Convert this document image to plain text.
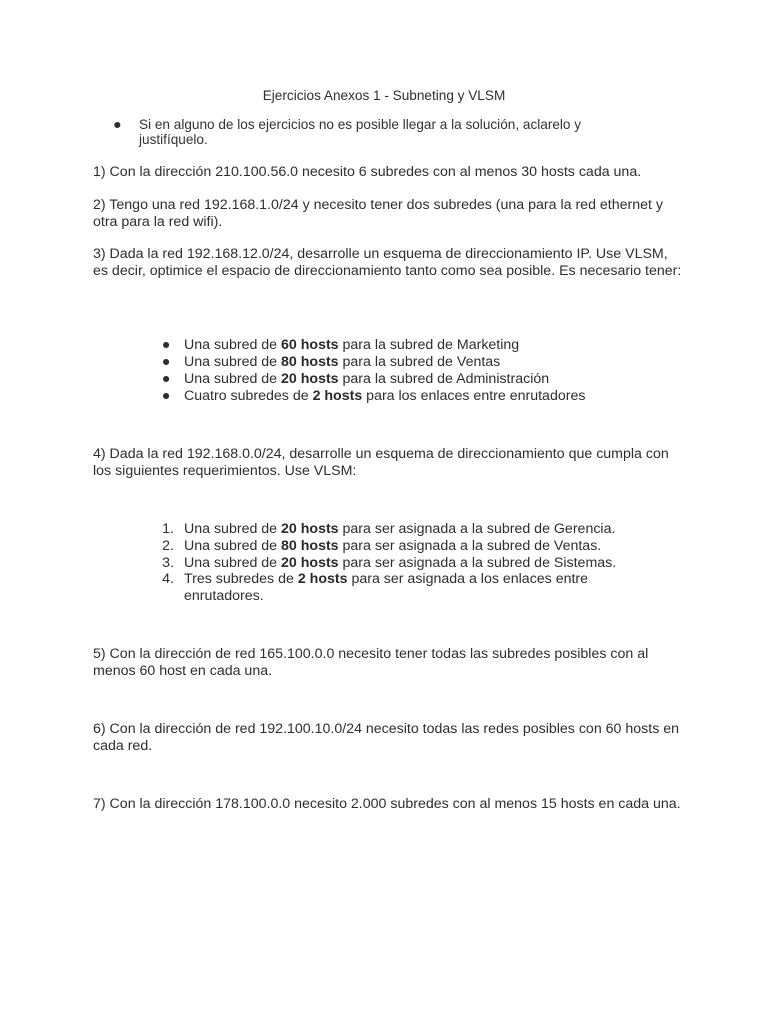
Ejercicios Anexos 1 - Subneting y VLSM
● Si en alguno de los ejercicios no es posible llegar a la solución, aclarelo y justifíquelo.
1) Con la dirección 210.100.56.0 necesito 6 subredes con al menos 30 hosts cada una.
2) Tengo una red 192.168.1.0/24 y necesito tener dos subredes (una para la red ethernet y otra para la red wifi).
3) Dada la red 192.168.12.0/24, desarrolle un esquema de direccionamiento IP. Use VLSM, es decir, optimice el espacio de direccionamiento tanto como sea posible. Es necesario tener:
● Una subred de 60 hosts para la subred de Marketing
● Una subred de 80 hosts para la subred de Ventas
● Una subred de 20 hosts para la subred de Administración
● Cuatro subredes de 2 hosts para los enlaces entre enrutadores
4) Dada la red 192.168.0.0/24, desarrolle un esquema de direccionamiento que cumpla con los siguientes requerimientos. Use VLSM:
1. Una subred de 20 hosts para ser asignada a la subred de Gerencia.
2. Una subred de 80 hosts para ser asignada a la subred de Ventas.
3. Una subred de 20 hosts para ser asignada a la subred de Sistemas.
4. Tres subredes de 2 hosts para ser asignada a los enlaces entre enrutadores.
5) Con la dirección de red 165.100.0.0 necesito tener todas las subredes posibles con al menos 60 host en cada una.
6) Con la dirección de red 192.100.10.0/24 necesito todas las redes posibles con 60 hosts en cada red.
7) Con la dirección 178.100.0.0 necesito 2.000 subredes con al menos 15 hosts en cada una.
